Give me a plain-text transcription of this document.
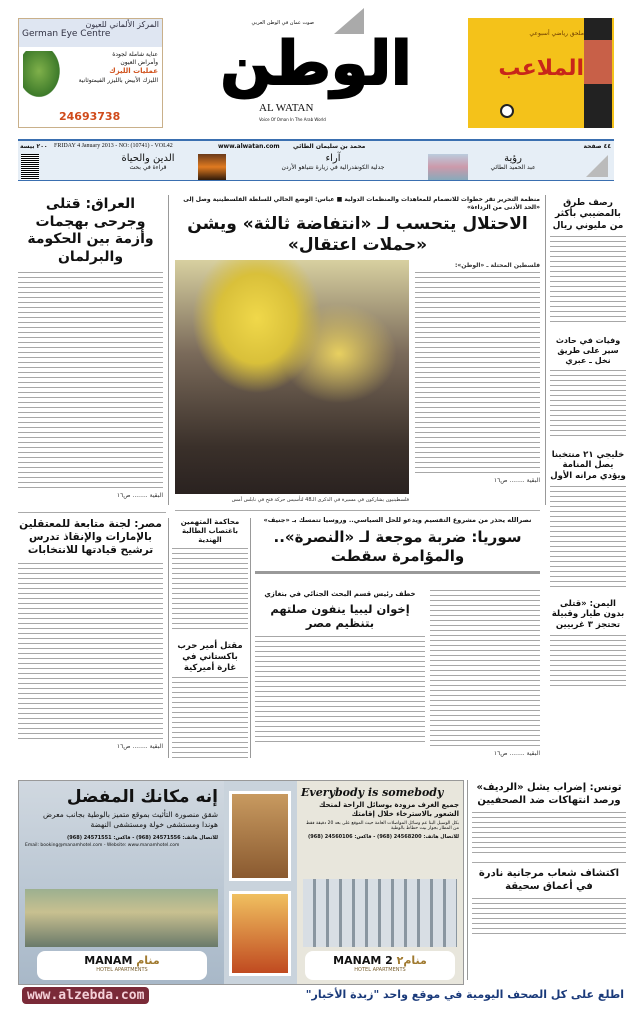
المركز الألماني للعيون
German Eye Centre
عناية شاملة لجودة
وأمراض العيون
عمليات الليزك
الليزك الأبيض بالليزر الفيمتوثانية
24693738
صوت عمان في الوطن العربي
الوطن
AL WATAN
Voice Of Oman In The Arab World
ملحق رياضي أسبوعي
الملاعب
٢٠٠ بيسة FRIDAY 4 January 2013 - NO: (10741) - VOL42	www.alwatan.com محمد بن سليمان الطائي	٤٤ صفحة
الدين والحياة
قراءة في بحث
آراء
جدلية الكونفدرالية في زيارة نتنياهو الأردن
رؤية
عبد الحميد الطائي
العراق: قتلى وجرحى بهجمات وأزمة بين الحكومة والبرلمان
البقية ........ ص١٦
منظمة التحرير تقر خطوات للانضمام للمعاهدات والمنظمات الدولية ■ عباس: الوضع الحالي للسلطة الفلسطينية وصل إلى «الحد الأدنى من الرداءة»
الاحتلال يتحسب لـ «انتفاضة ثالثة» ويشن «حملات اعتقال»
فلسطينيون يشاركون في مسيرة في الذكرى الـ48 لتأسيس حركة فتح في نابلس أمس
فلسطين المحتلة ـ «الوطن»:
البقية ........ ص١٦
رصف طرق بالمضيبي بأكثر من مليوني ريال
وفيات في حادث سير على طريق نخل ـ عبري
خليجي ٢١ منتخبنا يصل المنامة ويؤدي مرانه الأول
اليمن: «قتلى بدون طيار وقبيلة تحتجز ٣ غربيين
مصر: لجنة متابعة للمعتقلين بالإمارات والإنقاذ تدرس ترشيح قيادتها للانتخابات
البقية ........ ص١٦
محاكمة المتهمين باغتصاب الطالبة الهندية
مقتل أمير حرب باكستاني في غارة أميركية
نصرالله يحذر من مشروع التقسيم ويدعو للحل السياسي.. وروسيا تتمسك بـ «جنيف»
سوريا: ضربة موجعة لـ «النصرة».. والمؤامرة سقطت
خطف رئيس قسم البحث الجنائي في بنغازي
إخوان ليبيا ينفون صلتهم بتنظيم مصر
البقية ........ ص١٦
إنه مكانك المفضل
شقق منصورة التأثيث بموقع متميز بالوطية بجانب معرض هوندا ومستشفى خولة ومستشفى النهضة
للاتصال هاتف: 24571556 (968) - فاكس: 24571551 (968)
Email: booking@manamhotel.com - Website: www.manamhotel.com
MANAM منام
HOTEL APARTMENTS
Everybody is somebody
جميع الغرف مزودة بوسائل الراحة لمنحك الشعور بالاسترخاء خلال إقامتك
بكل الوسيل البنا عم وسائل المواصلات العامة حيث الموقع على بعد 20 دقيقة فقط من المطار بجوار بيت حطاط بالوطية
للاتصال هاتف: 24568200 (968) - فاكس: 24560106 (968)
MANAM 2 منام٢
HOTEL APARTMENTS
تونس: إضراب يشل «الرديف» ورصد انتهاكات ضد الصحفيين
اكتشاف شعاب مرجانية نادرة في أعماق سحيقة
www.alzebda.com	اطلع على كل الصحف اليومية في موقع واحد "زبدة الأخبار"
